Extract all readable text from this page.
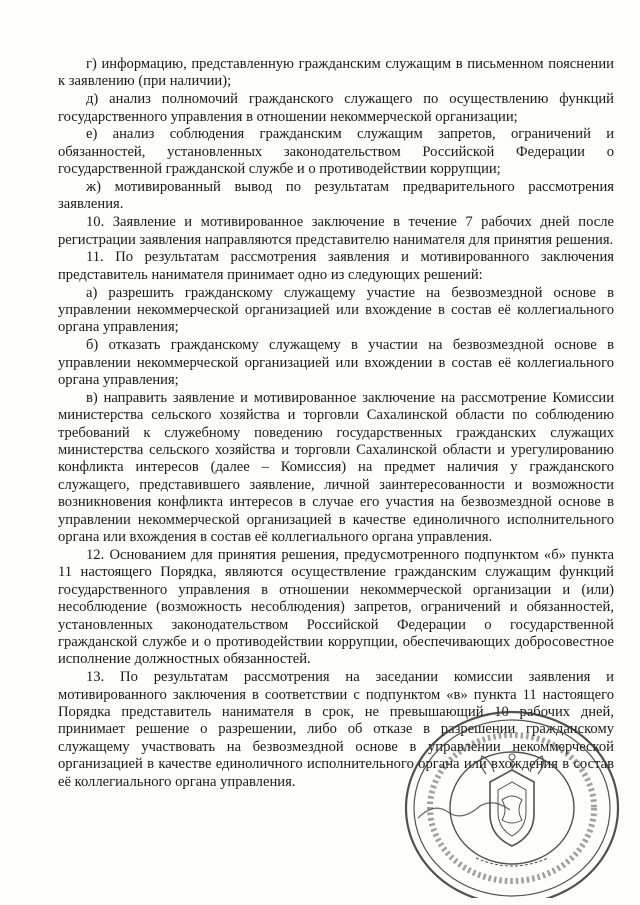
г) информацию, представленную гражданским служащим в письменном пояснении к заявлению (при наличии);

д) анализ полномочий гражданского служащего по осуществлению функций государственного управления в отношении некоммерческой организации;

е) анализ соблюдения гражданским служащим запретов, ограничений и обязанностей, установленных законодательством Российской Федерации о государственной гражданской службе и о противодействии коррупции;

ж) мотивированный вывод по результатам предварительного рассмотрения заявления.

10. Заявление и мотивированное заключение в течение 7 рабочих дней после регистрации заявления направляются представителю нанимателя для принятия решения.

11. По результатам рассмотрения заявления и мотивированного заключения представитель нанимателя принимает одно из следующих решений:

а) разрешить гражданскому служащему участие на безвозмездной основе в управлении некоммерческой организацией или вхождение в состав её коллегиального органа управления;

б) отказать гражданскому служащему в участии на безвозмездной основе в управлении некоммерческой организацией или вхождении в состав её коллегиального органа управления;

в) направить заявление и мотивированное заключение на рассмотрение Комиссии министерства сельского хозяйства и торговли Сахалинской области по соблюдению требований к служебному поведению государственных гражданских служащих министерства сельского хозяйства и торговли Сахалинской области и урегулированию конфликта интересов (далее – Комиссия) на предмет наличия у гражданского служащего, представившего заявление, личной заинтересованности и возможности возникновения конфликта интересов в случае его участия на безвозмездной основе в управлении некоммерческой организацией в качестве единоличного исполнительного органа или вхождения в состав её коллегиального органа управления.

12. Основанием для принятия решения, предусмотренного подпунктом «б» пункта 11 настоящего Порядка, являются осуществление гражданским служащим функций государственного управления в отношении некоммерческой организации и (или) несоблюдение (возможность несоблюдения) запретов, ограничений и обязанностей, установленных законодательством Российской Федерации о государственной гражданской службе и о противодействии коррупции, обеспечивающих добросовестное исполнение должностных обязанностей.

13. По результатам рассмотрения на заседании комиссии заявления и мотивированного заключения в соответствии с подпунктом «в» пункта 11 настоящего Порядка представитель нанимателя в срок, не превышающий 10 рабочих дней, принимает решение о разрешении, либо об отказе в разрешении гражданскому служащему участвовать на безвозмездной основе в управлении некоммерческой организацией в качестве единоличного исполнительного органа или вхождения в состав её коллегиального органа управления.
